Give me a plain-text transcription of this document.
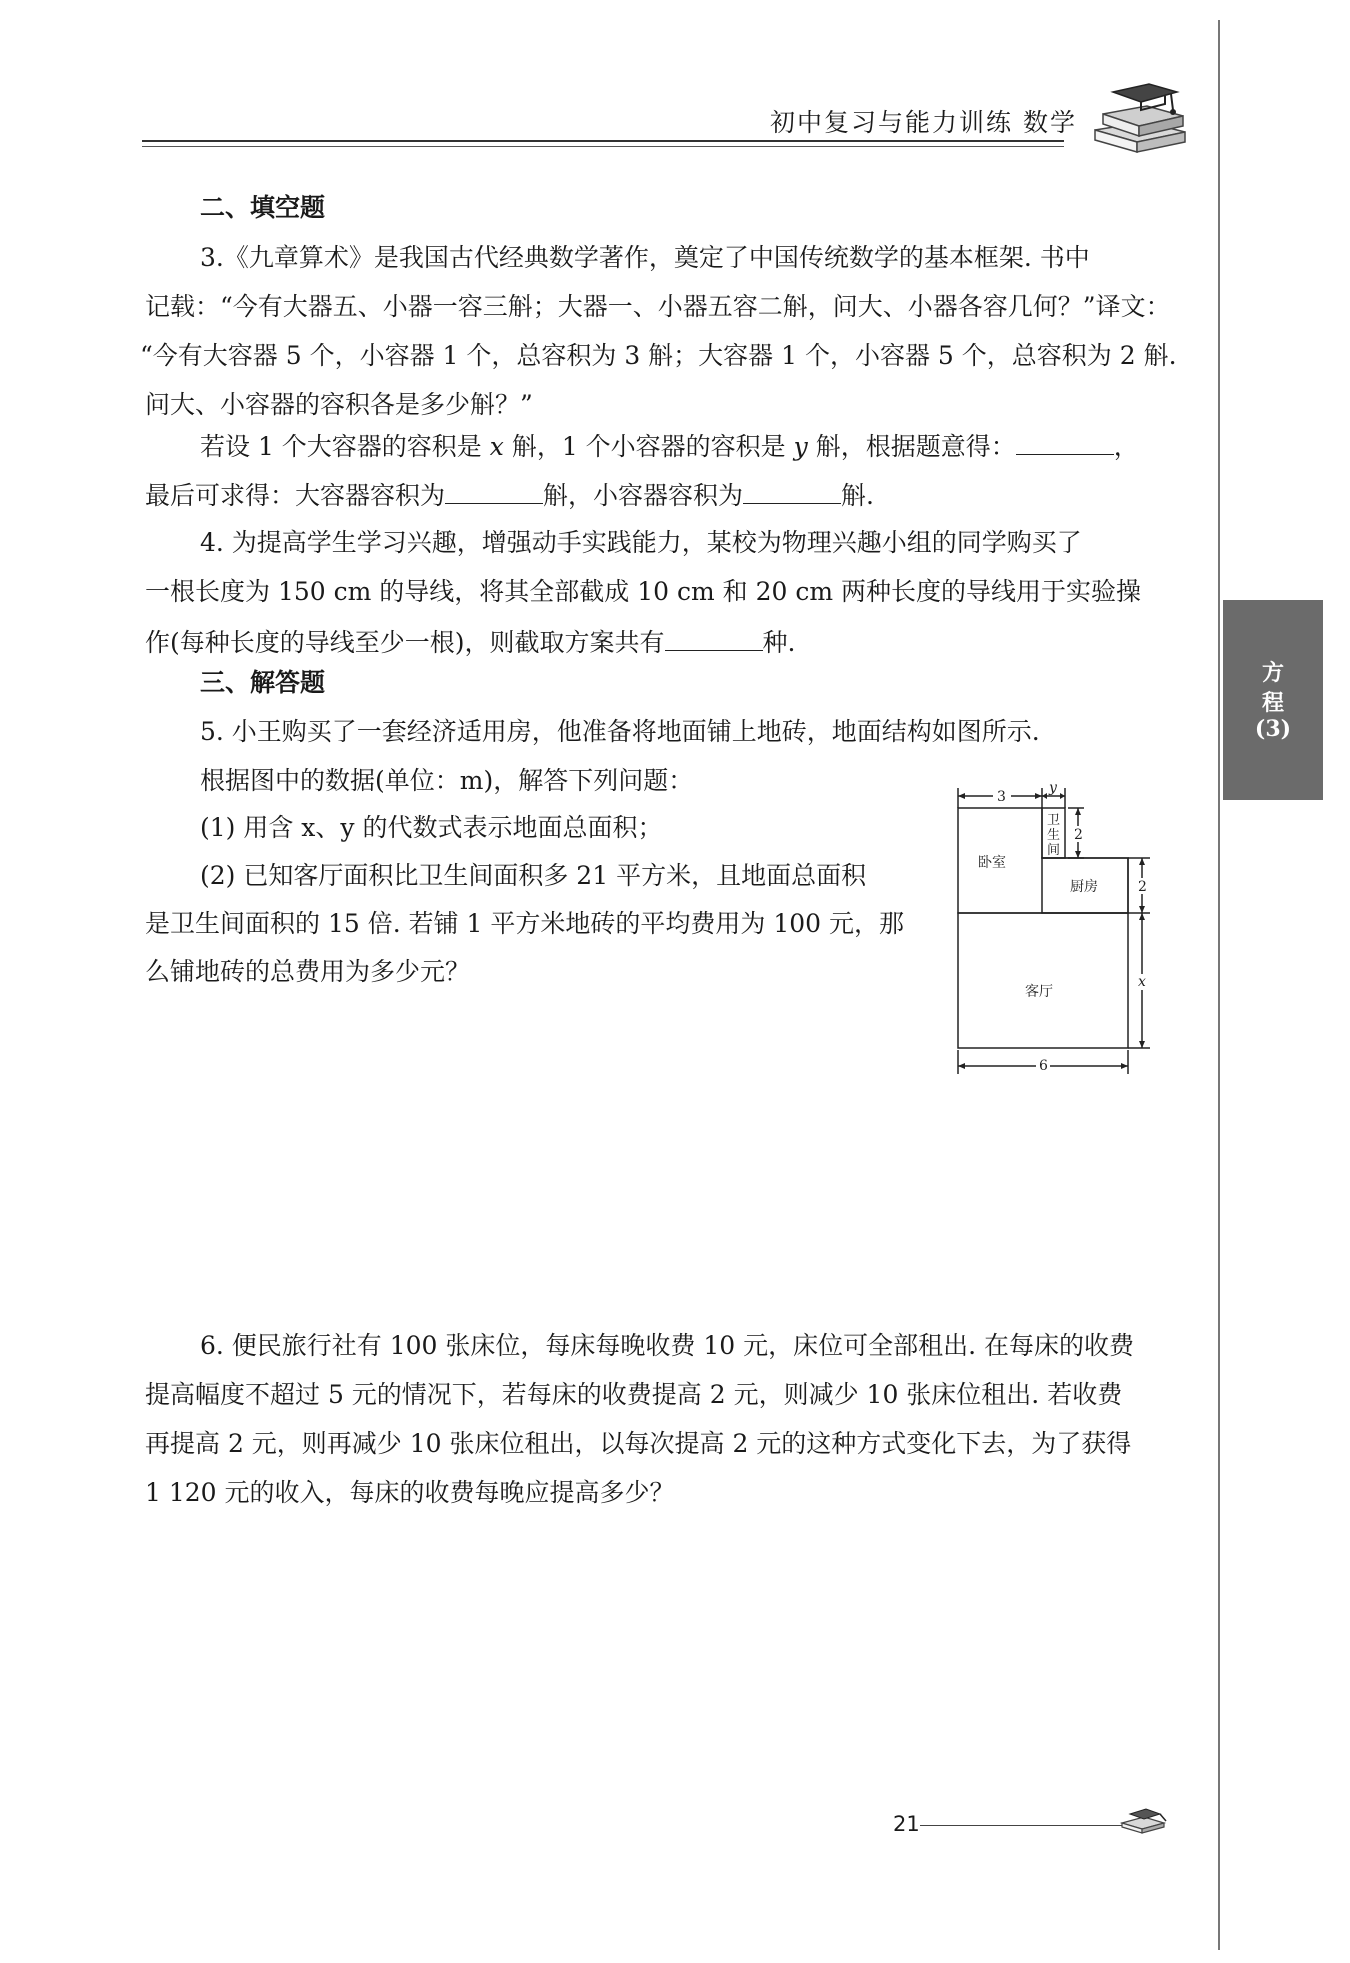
初中复习与能力训练 数学
方
程
(3)
二、填空题
3.《九章算术》是我国古代经典数学著作，奠定了中国传统数学的基本框架. 书中
记载：“今有大器五、小器一容三斛；大器一、小器五容二斛，问大、小器各容几何？”译文：
“今有大容器 5 个，小容器 1 个，总容积为 3 斛；大容器 1 个，小容器 5 个，总容积为 2 斛.
问大、小容器的容积各是多少斛？”
若设 1 个大容器的容积是 x 斛，1 个小容器的容积是 y 斛，根据题意得：	，
最后可求得：大容器容积为	斛，小容器容积为	斛.
4. 为提高学生学习兴趣，增强动手实践能力，某校为物理兴趣小组的同学购买了
一根长度为 150 cm 的导线，将其全部截成 10 cm 和 20 cm 两种长度的导线用于实验操
作(每种长度的导线至少一根)，则截取方案共有	种.
三、解答题
5. 小王购买了一套经济适用房，他准备将地面铺上地砖，地面结构如图所示.
根据图中的数据(单位：m)，解答下列问题：
(1) 用含 x、y 的代数式表示地面总面积；
(2) 已知客厅面积比卫生间面积多 21 平方米，且地面总面积
是卫生间面积的 15 倍. 若铺 1 平方米地砖的平均费用为 100 元，那
么铺地砖的总费用为多少元？
3
y
卫
生
间
2
2
x
卧室
厨房
客厅
6
6. 便民旅行社有 100 张床位，每床每晚收费 10 元，床位可全部租出. 在每床的收费
提高幅度不超过 5 元的情况下，若每床的收费提高 2 元，则减少 10 张床位租出. 若收费
再提高 2 元，则再减少 10 张床位租出，以每次提高 2 元的这种方式变化下去，为了获得
1 120 元的收入，每床的收费每晚应提高多少？
21
